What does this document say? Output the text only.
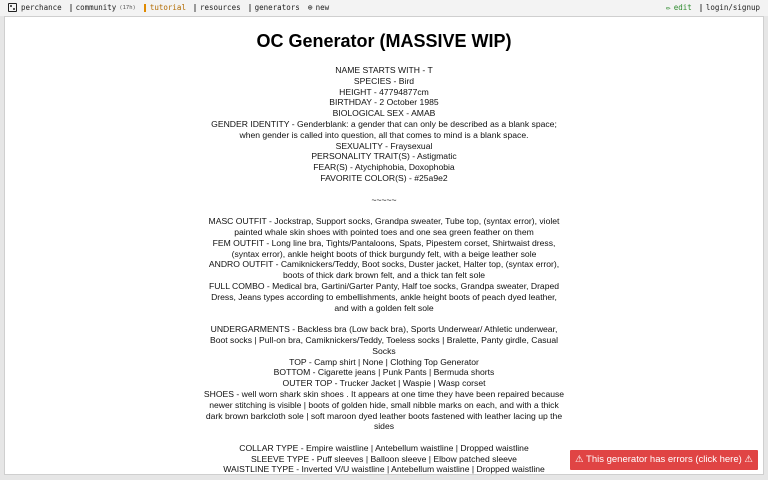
perchance community (17h) tutorial resources generators ⊕ new	✏ edit login/signup
OC Generator (MASSIVE WIP)
NAME STARTS WITH - T
SPECIES - Bird
HEIGHT - 47794877cm
BIRTHDAY - 2 October 1985
BIOLOGICAL SEX - AMAB
GENDER IDENTITY - Genderblank: a gender that can only be described as a blank space;
when gender is called into question, all that comes to mind is a blank space.
SEXUALITY - Fraysexual
PERSONALITY TRAIT(S) - Astigmatic
FEAR(S) - Atychiphobia, Doxophobia
FAVORITE COLOR(S) - #25a9e2
~~~~~
MASC OUTFIT - Jockstrap, Support socks, Grandpa sweater, Tube top, (syntax error), violet
painted whale skin shoes with pointed toes and one sea green feather on them
FEM OUTFIT - Long line bra, Tights/Pantaloons, Spats, Pipestem corset, Shirtwaist dress,
(syntax error), ankle height boots of thick burgundy felt, with a beige leather sole
ANDRO OUTFIT - Camiknickers/Teddy, Boot socks, Duster jacket, Halter top, (syntax error),
boots of thick dark brown felt, and a thick tan felt sole
FULL COMBO - Medical bra, Gartini/Garter Panty, Half toe socks, Grandpa sweater, Draped
Dress, Jeans types according to embellishments, ankle height boots of peach dyed leather,
and with a golden felt sole
UNDERGARMENTS - Backless bra (Low back bra), Sports Underwear/ Athletic underwear,
Boot socks | Pull-on bra, Camiknickers/Teddy, Toeless socks | Bralette, Panty girdle, Casual
Socks
TOP - Camp shirt | None | Clothing Top Generator
BOTTOM - Cigarette jeans | Punk Pants | Bermuda shorts
OUTER TOP - Trucker Jacket | Waspie | Wasp corset
SHOES - well worn shark skin shoes . It appears at one time they have been repaired because
newer stitching is visible | boots of golden hide, small nibble marks on each, and with a thick
dark brown barkcloth sole | soft maroon dyed leather boots fastened with leather lacing up the
sides
COLLAR TYPE - Empire waistline | Antebellum waistline | Dropped waistline
SLEEVE TYPE - Puff sleeves | Balloon sleeve | Elbow patched sleeve
WAISTLINE TYPE - Inverted V/U waistline | Antebellum waistline | Dropped waistline
⚠ This generator has errors (click here) ⚠
